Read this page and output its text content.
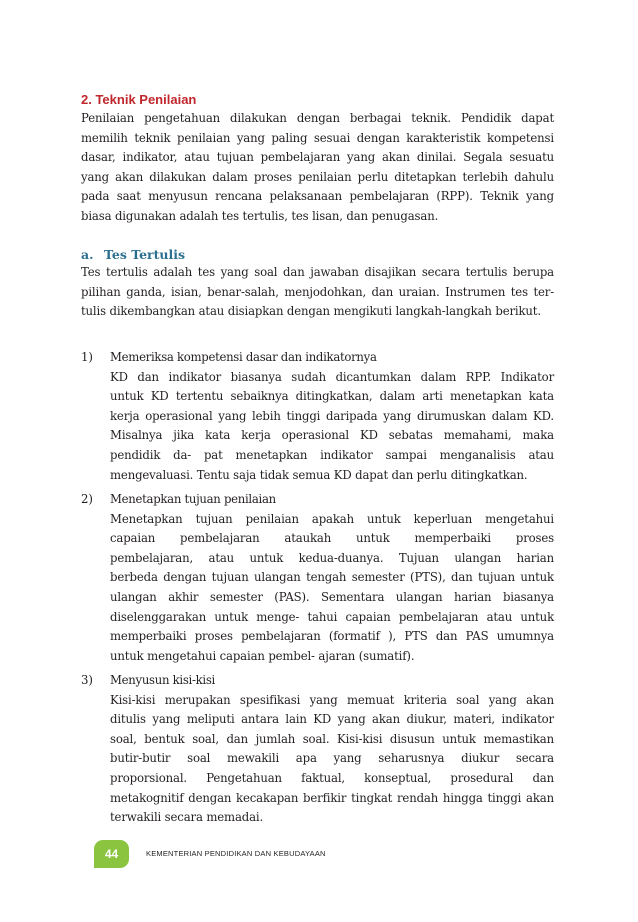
2. Teknik Penilaian
Penilaian pengetahuan dilakukan dengan berbagai teknik. Pendidik dapat
memilih teknik penilaian yang paling sesuai dengan karakteristik kompetensi
dasar, indikator, atau tujuan pembelajaran yang akan dinilai. Segala sesuatu
yang akan dilakukan dalam proses penilaian perlu ditetapkan terlebih dahulu
pada saat menyusun rencana pelaksanaan pembelajaran (RPP). Teknik yang
biasa digunakan adalah tes tertulis, tes lisan, dan penugasan.
a. Tes Tertulis
Tes tertulis adalah tes yang soal dan jawaban disajikan secara tertulis berupa
pilihan ganda, isian, benar-salah, menjodohkan, dan uraian. Instrumen tes ter-
tulis dikembangkan atau disiapkan dengan mengikuti langkah-langkah berikut.
1) Memeriksa kompetensi dasar dan indikatornya
KD dan indikator biasanya sudah dicantumkan dalam RPP. Indikator
untuk KD tertentu sebaiknya ditingkatkan, dalam arti menetapkan kata
kerja operasional yang lebih tinggi daripada yang dirumuskan dalam KD.
Misalnya jika kata kerja operasional KD sebatas memahami, maka
pendidik da- pat menetapkan indikator sampai menganalisis atau
mengevaluasi. Tentu saja tidak semua KD dapat dan perlu ditingkatkan.
2) Menetapkan tujuan penilaian
Menetapkan tujuan penilaian apakah untuk keperluan mengetahui
capaian pembelajaran ataukah untuk memperbaiki proses
pembelajaran, atau untuk kedua-duanya. Tujuan ulangan harian
berbeda dengan tujuan ulangan tengah semester (PTS), dan tujuan untuk
ulangan akhir semester (PAS). Sementara ulangan harian biasanya
diselenggarakan untuk menge- tahui capaian pembelajaran atau untuk
memperbaiki proses pembelajaran (formatif ), PTS dan PAS umumnya
untuk mengetahui capaian pembel- ajaran (sumatif).
3) Menyusun kisi-kisi
Kisi-kisi merupakan spesifikasi yang memuat kriteria soal yang akan
ditulis yang meliputi antara lain KD yang akan diukur, materi, indikator
soal, bentuk soal, dan jumlah soal. Kisi-kisi disusun untuk memastikan
butir-butir soal mewakili apa yang seharusnya diukur secara
proporsional. Pengetahuan faktual, konseptual, prosedural dan
metakognitif dengan kecakapan berfikir tingkat rendah hingga tinggi akan
terwakili secara memadai.
44	KEMENTERIAN PENDIDIKAN DAN KEBUDAYAAN
